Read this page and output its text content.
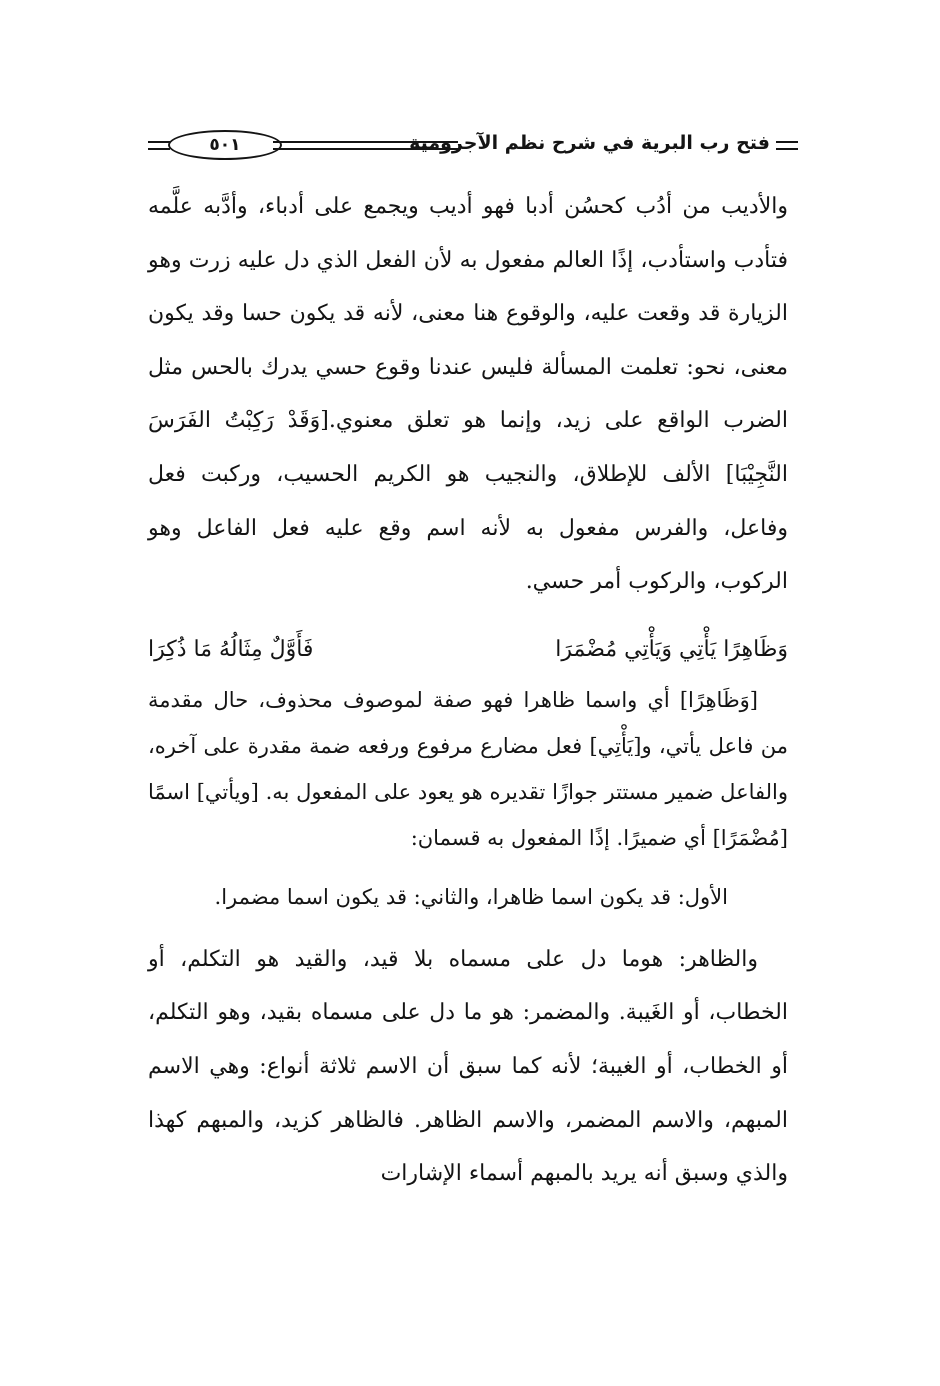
فتح رب البرية في شرح نظم الآجرومية
٥٠١

والأديب من أدُب كحسُن أدبا فهو أديب ويجمع على أدباء، وأدَّبه علَّمه فتأدب واستأدب، إذًا العالم مفعول به لأن الفعل الذي دل عليه زرت وهو الزيارة قد وقعت عليه، والوقوع هنا معنى، لأنه قد يكون حسا وقد يكون معنى، نحو: تعلمت المسألة فليس عندنا وقوع حسي يدرك بالحس مثل الضرب الواقع على زيد، وإنما هو تعلق معنوي.[وَقَدْ رَكِبْتُ الفَرَسَ النَّجِيْبَا] الألف للإطلاق، والنجيب هو الكريم الحسيب، وركبت فعل وفاعل، والفرس مفعول به لأنه اسم وقع عليه فعل الفاعل وهو الركوب، والركوب أمر حسي.

وَظَاهِرًا يَأْتِي وَيَأْتِي مُضْمَرَا
فَأَوَّلٌ مِثَالُهُ مَا ذُكِرَا

[وَظَاهِرًا] أي واسما ظاهرا فهو صفة لموصوف محذوف، حال مقدمة من فاعل يأتي، و[يَأْتِي] فعل مضارع مرفوع ورفعه ضمة مقدرة على آخره، والفاعل ضمير مستتر جوازًا تقديره هو يعود على المفعول به. [ويأتي] اسمًا [مُضْمَرًا] أي ضميرًا. إذًا المفعول به قسمان:

الأول: قد يكون اسما ظاهرا، والثاني: قد يكون اسما مضمرا.

والظاهر: هوما دل على مسماه بلا قيد، والقيد هو التكلم، أو الخطاب، أو الغَيبة. والمضمر: هو ما دل على مسماه بقيد، وهو التكلم، أو الخطاب، أو الغيبة؛ لأنه كما سبق أن الاسم ثلاثة أنواع: وهي الاسم المبهم، والاسم المضمر، والاسم الظاهر. فالظاهر كزيد، والمبهم كهذا والذي وسبق أنه يريد بالمبهم أسماء الإشارات
